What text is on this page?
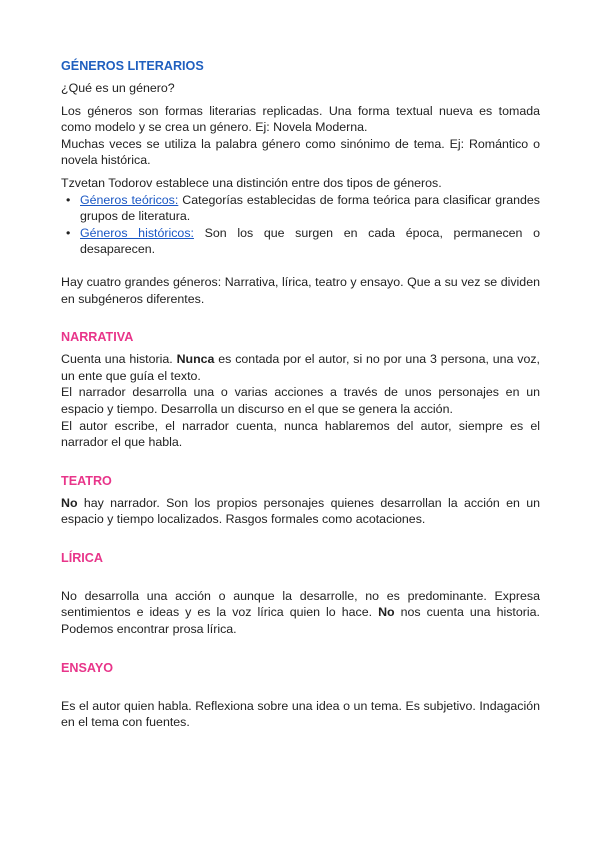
GÉNEROS LITERARIOS

¿Qué es un género?

Los géneros son formas literarias replicadas. Una forma textual nueva es tomada como modelo y se crea un género. Ej: Novela Moderna.

Muchas veces se utiliza la palabra género como sinónimo de tema. Ej: Romántico o novela histórica.

Tzvetan Todorov establece una distinción entre dos tipos de géneros.

• Géneros teóricos: Categorías establecidas de forma teórica para clasificar grandes grupos de literatura.
• Géneros históricos: Son los que surgen en cada época, permanecen o desaparecen.

Hay cuatro grandes géneros: Narrativa, lírica, teatro y ensayo. Que a su vez se dividen en subgéneros diferentes.

NARRATIVA

Cuenta una historia. Nunca es contada por el autor, si no por una 3 persona, una voz, un ente que guía el texto.

El narrador desarrolla una o varias acciones a través de unos personajes en un espacio y tiempo. Desarrolla un discurso en el que se genera la acción.

El autor escribe, el narrador cuenta, nunca hablaremos del autor, siempre es el narrador el que habla.

TEATRO

No hay narrador. Son los propios personajes quienes desarrollan la acción en un espacio y tiempo localizados. Rasgos formales como acotaciones.

LÍRICA

No desarrolla una acción o aunque la desarrolle, no es predominante. Expresa sentimientos e ideas y es la voz lírica quien lo hace. No nos cuenta una historia. Podemos encontrar prosa lírica.

ENSAYO

Es el autor quien habla. Reflexiona sobre una idea o un tema. Es subjetivo. Indagación en el tema con fuentes.
